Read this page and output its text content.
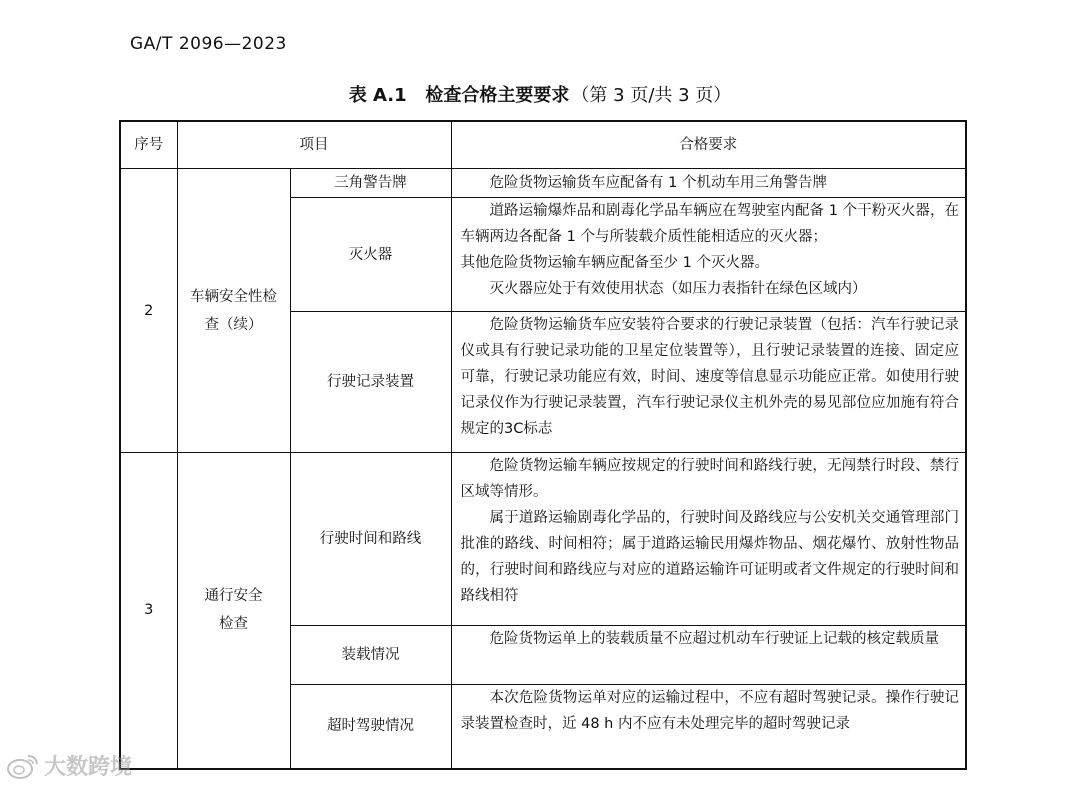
GA/T 2096—2023
表 A.1   检查合格主要要求 （第 3 页/共 3 页）
序号	项目		合格要求
2	车辆安全性检查（续）	三角警告牌	危险货物运输货车应配备有 1 个机动车用三角警告牌

		灭火器	道路运输爆炸品和剧毒化学品车辆应在驾驶室内配备 1 个干粉灭火器，在车辆两边各配备 1 个与所装载介质性能相适应的灭火器；

其他危险货物运输车辆应配备至少 1 个灭火器。

灭火器应处于有效使用状态（如压力表指针在绿色区域内）

		行驶记录装置	危险货物运输货车应安装符合要求的行驶记录装置（包括：汽车行驶记录仪或具有行驶记录功能的卫星定位装置等），且行驶记录装置的连接、固定应可靠，行驶记录功能应有效，时间、速度等信息显示功能应正常。如使用行驶记录仪作为行驶记录装置，汽车行驶记录仪主机外壳的易见部位应加施有符合规定的3C标志

3	通行安全检查	行驶时间和路线	危险货物运输车辆应按规定的行驶时间和路线行驶，无闯禁行时段、禁行区域等情形。

属于道路运输剧毒化学品的，行驶时间及路线应与公安机关交通管理部门批准的路线、时间相符；属于道路运输民用爆炸物品、烟花爆竹、放射性物品的，行驶时间和路线应与对应的道路运输许可证明或者文件规定的行驶时间和路线相符

		装载情况	危险货物运单上的装载质量不应超过机动车行驶证上记载的核定载质量

		超时驾驶情况	本次危险货物运单对应的运输过程中，不应有超时驾驶记录。操作行驶记录装置检查时，近 48 h 内不应有未处理完毕的超时驾驶记录

大数跨境
